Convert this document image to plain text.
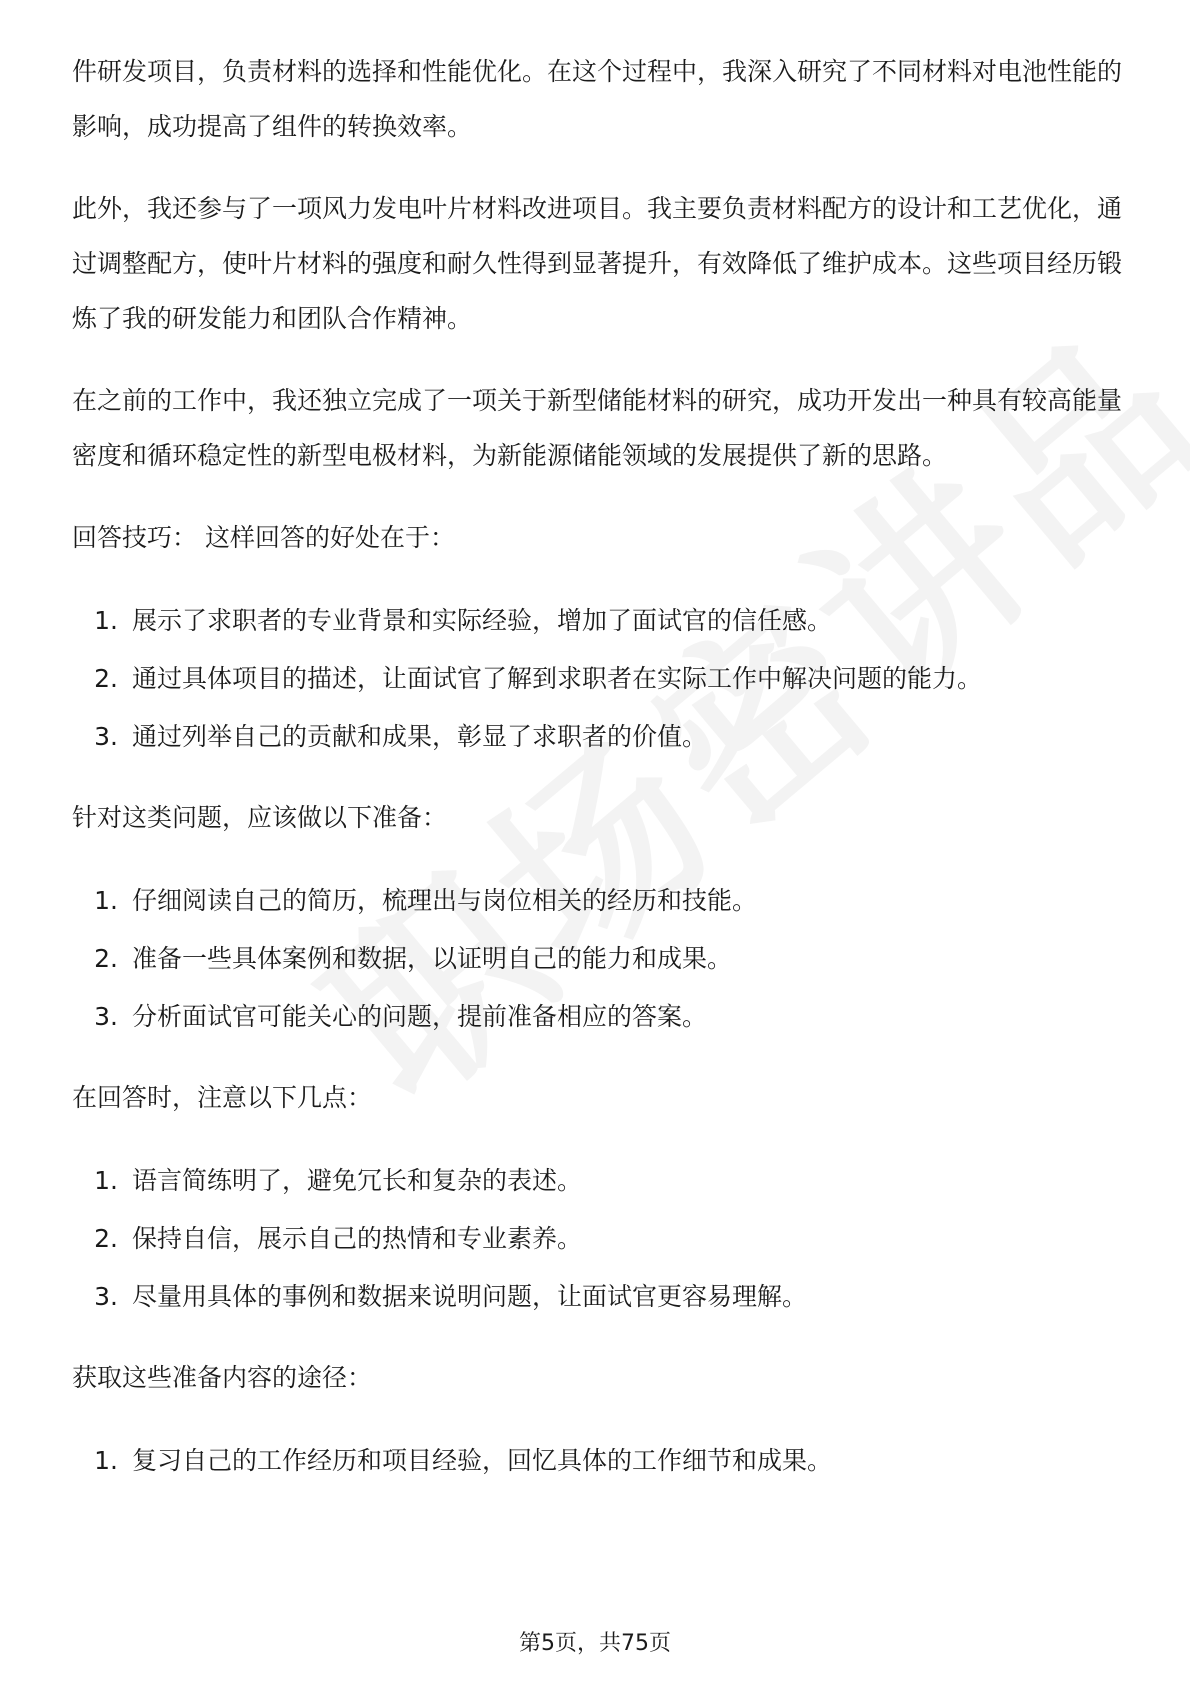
件研发项目，负责材料的选择和性能优化。在这个过程中，我深入研究了不同材料对电池性能的影响，成功提高了组件的转换效率。

此外，我还参与了一项风力发电叶片材料改进项目。我主要负责材料配方的设计和工艺优化，通过调整配方，使叶片材料的强度和耐久性得到显著提升，有效降低了维护成本。这些项目经历锻炼了我的研发能力和团队合作精神。

在之前的工作中，我还独立完成了一项关于新型储能材料的研究，成功开发出一种具有较高能量密度和循环稳定性的新型电极材料，为新能源储能领域的发展提供了新的思路。

回答技巧： 这样回答的好处在于：

1. 展示了求职者的专业背景和实际经验，增加了面试官的信任感。
2. 通过具体项目的描述，让面试官了解到求职者在实际工作中解决问题的能力。
3. 通过列举自己的贡献和成果，彰显了求职者的价值。

针对这类问题，应该做以下准备：

1. 仔细阅读自己的简历，梳理出与岗位相关的经历和技能。
2. 准备一些具体案例和数据，以证明自己的能力和成果。
3. 分析面试官可能关心的问题，提前准备相应的答案。

在回答时，注意以下几点：

1. 语言简练明了，避免冗长和复杂的表述。
2. 保持自信，展示自己的热情和专业素养。
3. 尽量用具体的事例和数据来说明问题，让面试官更容易理解。

获取这些准备内容的途径：

1. 复习自己的工作经历和项目经验，回忆具体的工作细节和成果。
第5页，共75页
